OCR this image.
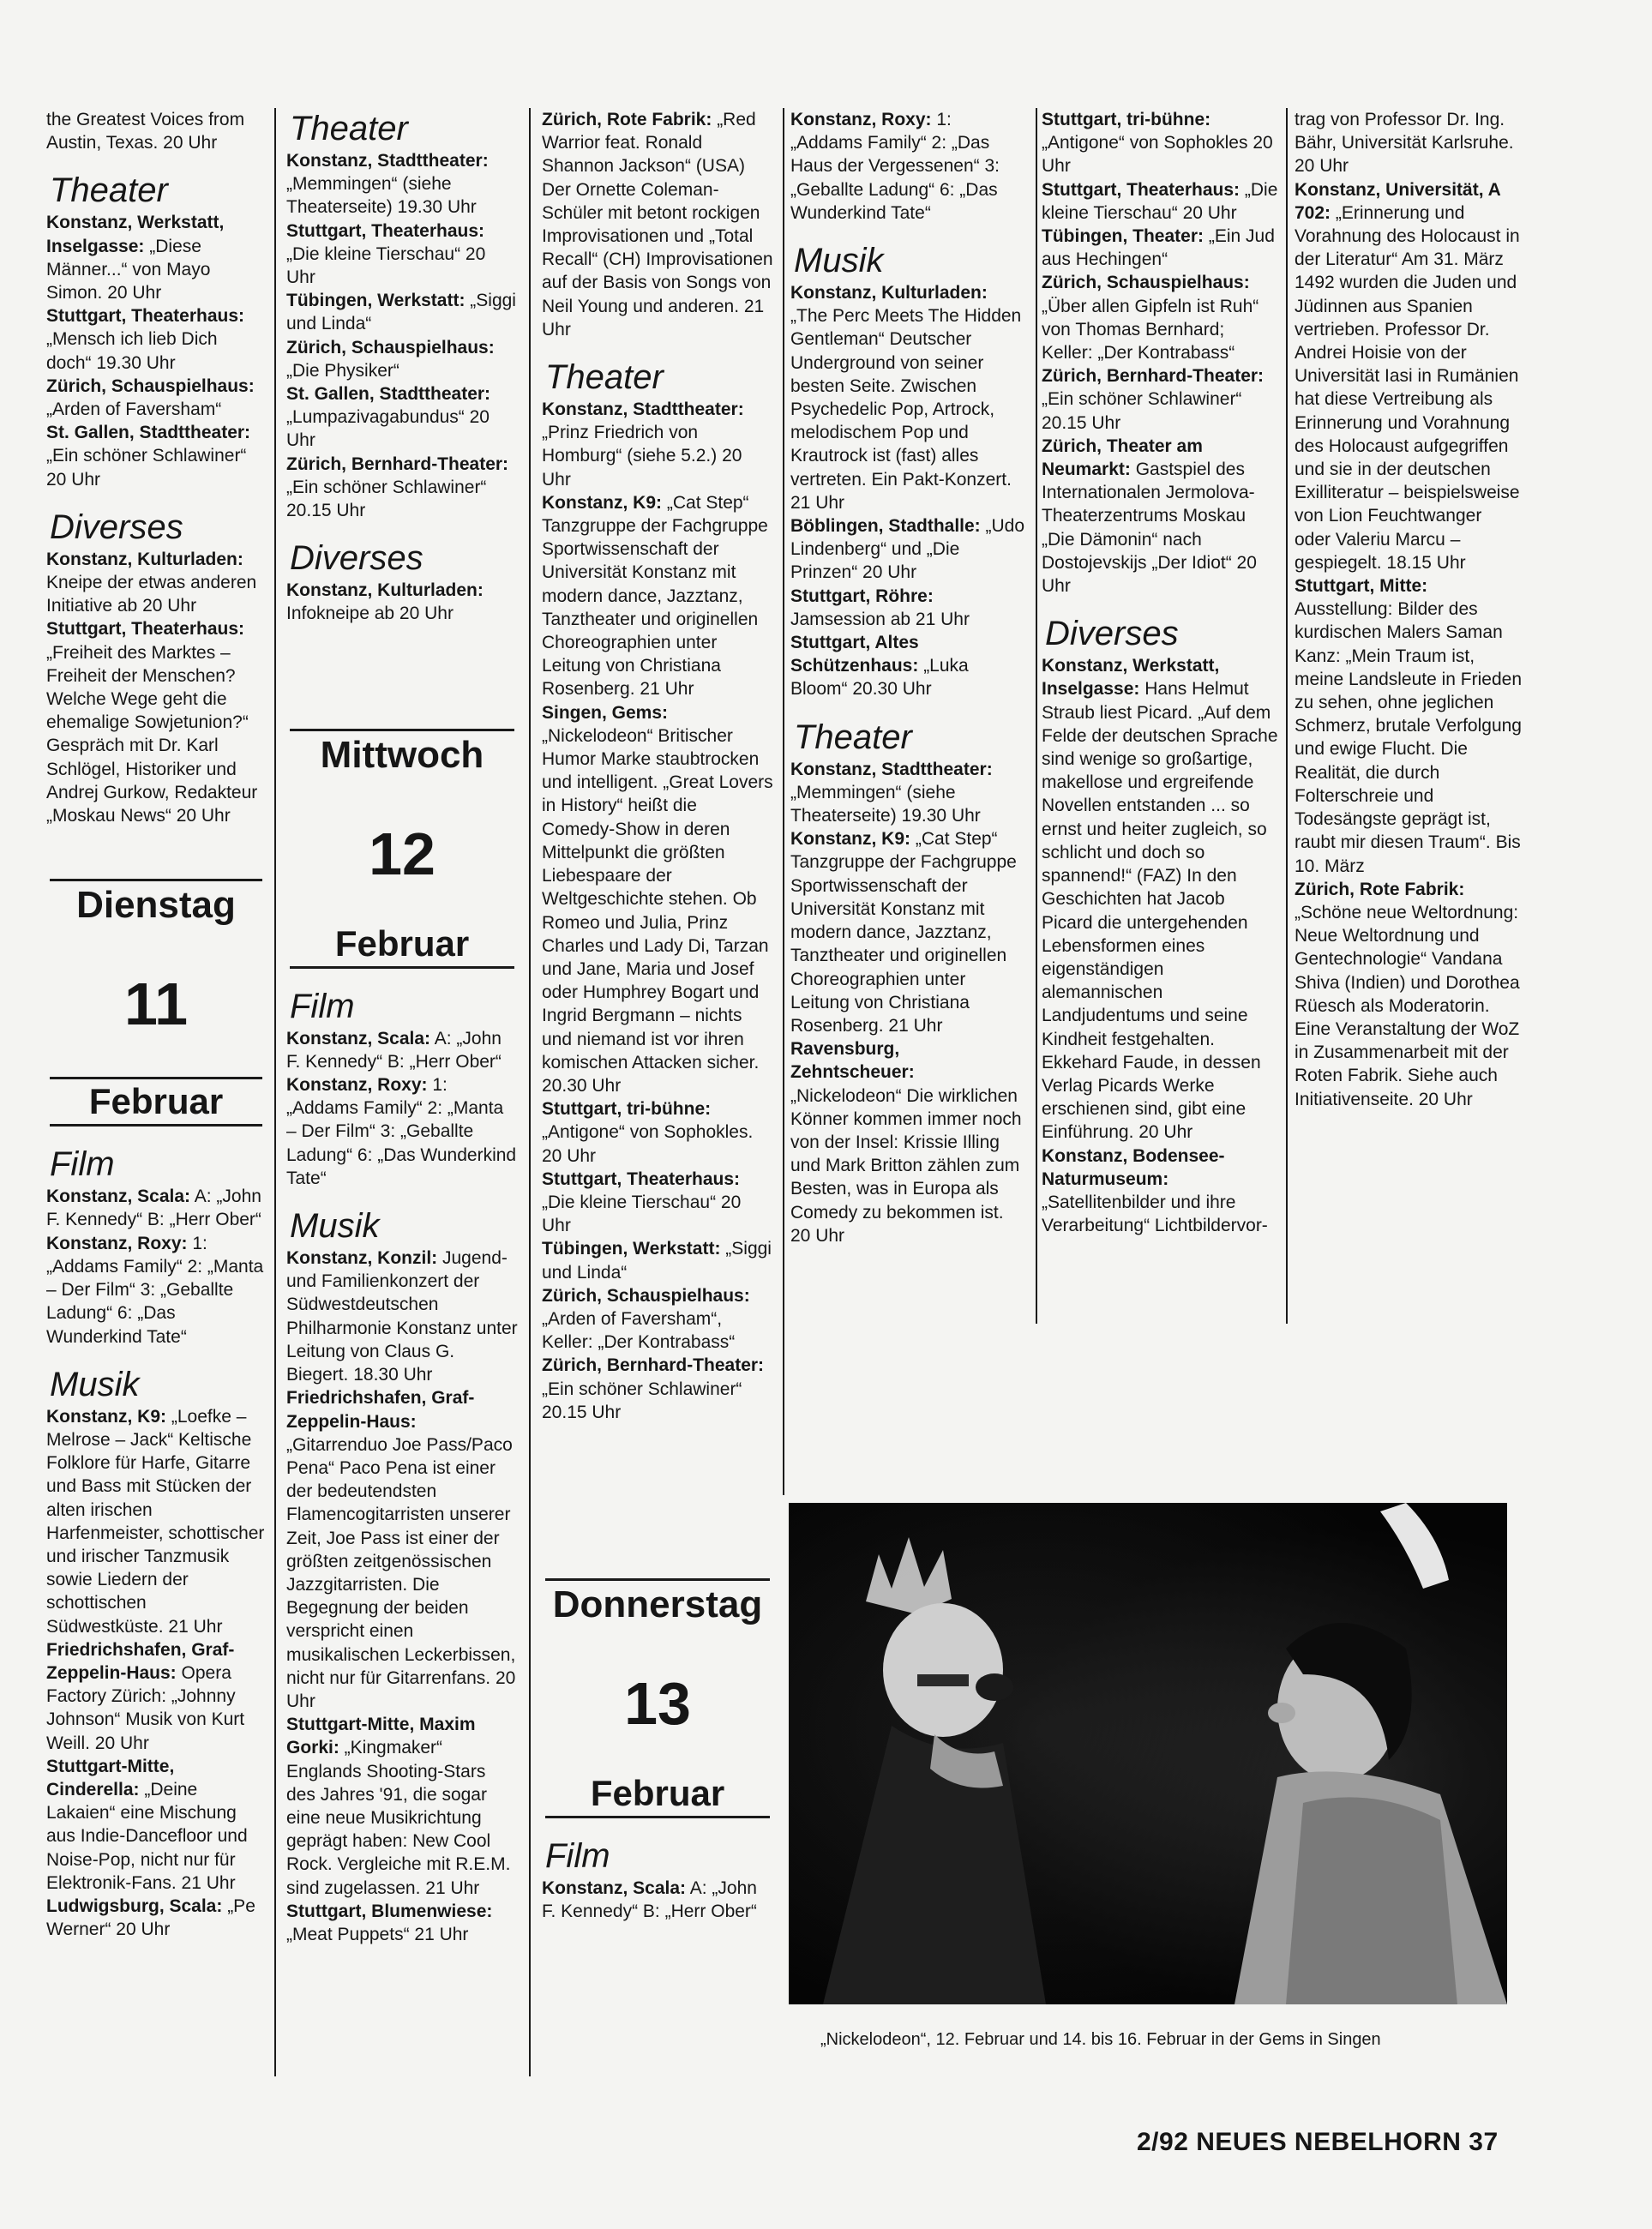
the Greatest Voices from Austin, Texas. 20 Uhr

Theater

Konstanz, Werkstatt, Inselgasse: „Diese Männer...“ von Mayo Simon. 20 Uhr

Stuttgart, Theaterhaus: „Mensch ich lieb Dich doch“ 19.30 Uhr

Zürich, Schauspielhaus: „Arden of Faversham“

St. Gallen, Stadttheater: „Ein schöner Schlawiner“ 20 Uhr

Diverses

Konstanz, Kulturladen: Kneipe der etwas anderen Initiative ab 20 Uhr

Stuttgart, Theaterhaus: „Freiheit des Marktes – Freiheit der Menschen? Welche Wege geht die ehemalige Sowjetunion?“ Gespräch mit Dr. Karl Schlögel, Historiker und Andrej Gurkow, Redakteur „Moskau News“ 20 Uhr

Dienstag
11
Februar
Film

Konstanz, Scala: A: „John F. Kennedy“ B: „Herr Ober“

Konstanz, Roxy: 1: „Addams Family“ 2: „Manta – Der Film“ 3: „Geballte Ladung“ 6: „Das Wunderkind Tate“

Musik

Konstanz, K9: „Loefke – Melrose – Jack“ Keltische Folklore für Harfe, Gitarre und Bass mit Stücken der alten irischen Harfenmeister, schottischer und irischer Tanzmusik sowie Liedern der schottischen Südwestküste. 21 Uhr

Friedrichshafen, Graf-Zeppelin-Haus: Opera Factory Zürich: „Johnny Johnson“ Musik von Kurt Weill. 20 Uhr

Stuttgart-Mitte, Cinderella: „Deine Lakaien“ eine Mischung aus Indie-Dancefloor und Noise-Pop, nicht nur für Elektronik-Fans. 21 Uhr

Ludwigsburg, Scala: „Pe Werner“ 20 Uhr

Theater

Konstanz, Stadttheater: „Memmingen“ (siehe Theaterseite) 19.30 Uhr

Stuttgart, Theaterhaus: „Die kleine Tierschau“ 20 Uhr

Tübingen, Werkstatt: „Siggi und Linda“

Zürich, Schauspielhaus: „Die Physiker“

St. Gallen, Stadttheater: „Lumpazivagabundus“ 20 Uhr

Zürich, Bernhard-Theater: „Ein schöner Schlawiner“ 20.15 Uhr

Diverses

Konstanz, Kulturladen: Infokneipe ab 20 Uhr

Mittwoch
12
Februar
Film

Konstanz, Scala: A: „John F. Kennedy“ B: „Herr Ober“

Konstanz, Roxy: 1: „Addams Family“ 2: „Manta – Der Film“ 3: „Geballte Ladung“ 6: „Das Wunderkind Tate“

Musik

Konstanz, Konzil: Jugend- und Familienkonzert der Südwestdeutschen Philharmonie Konstanz unter Leitung von Claus G. Biegert. 18.30 Uhr

Friedrichshafen, Graf-Zeppelin-Haus: „Gitarrenduo Joe Pass/Paco Pena“ Paco Pena ist einer der bedeutendsten Flamencogitarristen unserer Zeit, Joe Pass ist einer der größten zeitgenössischen Jazzgitarristen. Die Begegnung der beiden verspricht einen musikalischen Leckerbissen, nicht nur für Gitarrenfans. 20 Uhr

Stuttgart-Mitte, Maxim Gorki: „Kingmaker“ Englands Shooting-Stars des Jahres '91, die sogar eine neue Musikrichtung geprägt haben: New Cool Rock. Vergleiche mit R.E.M. sind zugelassen. 21 Uhr

Stuttgart, Blumenwiese: „Meat Puppets“ 21 Uhr

Zürich, Rote Fabrik: „Red Warrior feat. Ronald Shannon Jackson“ (USA) Der Ornette Coleman-Schüler mit betont rockigen Improvisationen und „Total Recall“ (CH) Improvisationen auf der Basis von Songs von Neil Young und anderen. 21 Uhr

Theater

Konstanz, Stadttheater: „Prinz Friedrich von Homburg“ (siehe 5.2.) 20 Uhr

Konstanz, K9: „Cat Step“ Tanzgruppe der Fachgruppe Sportwissenschaft der Universität Konstanz mit modern dance, Jazztanz, Tanztheater und originellen Choreographien unter Leitung von Christiana Rosenberg. 21 Uhr

Singen, Gems: „Nickelodeon“ Britischer Humor Marke staubtrocken und intelligent. „Great Lovers in History“ heißt die Comedy-Show in deren Mittelpunkt die größten Liebespaare der Weltgeschichte stehen. Ob Romeo und Julia, Prinz Charles und Lady Di, Tarzan und Jane, Maria und Josef oder Humphrey Bogart und Ingrid Bergmann – nichts und niemand ist vor ihren komischen Attacken sicher. 20.30 Uhr

Stuttgart, tri-bühne: „Antigone“ von Sophokles. 20 Uhr

Stuttgart, Theaterhaus: „Die kleine Tierschau“ 20 Uhr

Tübingen, Werkstatt: „Siggi und Linda“

Zürich, Schauspielhaus: „Arden of Faversham“, Keller: „Der Kontrabass“

Zürich, Bernhard-Theater: „Ein schöner Schlawiner“ 20.15 Uhr

Donnerstag
13
Februar
Film

Konstanz, Scala: A: „John F. Kennedy“ B: „Herr Ober“

Konstanz, Roxy: 1: „Addams Family“ 2: „Das Haus der Vergessenen“ 3: „Geballte Ladung“ 6: „Das Wunderkind Tate“

Musik

Konstanz, Kulturladen: „The Perc Meets The Hidden Gentleman“ Deutscher Underground von seiner besten Seite. Zwischen Psychedelic Pop, Artrock, melodischem Pop und Krautrock ist (fast) alles vertreten. Ein Pakt-Konzert. 21 Uhr

Böblingen, Stadthalle: „Udo Lindenberg“ und „Die Prinzen“ 20 Uhr

Stuttgart, Röhre: Jamsession ab 21 Uhr

Stuttgart, Altes Schützenhaus: „Luka Bloom“ 20.30 Uhr

Theater

Konstanz, Stadttheater: „Memmingen“ (siehe Theaterseite) 19.30 Uhr

Konstanz, K9: „Cat Step“ Tanzgruppe der Fachgruppe Sportwissenschaft der Universität Konstanz mit modern dance, Jazztanz, Tanztheater und originellen Choreographien unter Leitung von Christiana Rosenberg. 21 Uhr

Ravensburg, Zehntscheuer: „Nickelodeon“ Die wirklichen Könner kommen immer noch von der Insel: Krissie Illing und Mark Britton zählen zum Besten, was in Europa als Comedy zu bekommen ist. 20 Uhr

Stuttgart, tri-bühne: „Antigone“ von Sophokles 20 Uhr

Stuttgart, Theaterhaus: „Die kleine Tierschau“ 20 Uhr

Tübingen, Theater: „Ein Jud aus Hechingen“

Zürich, Schauspielhaus: „Über allen Gipfeln ist Ruh“ von Thomas Bernhard; Keller: „Der Kontrabass“

Zürich, Bernhard-Theater: „Ein schöner Schlawiner“ 20.15 Uhr

Zürich, Theater am Neumarkt: Gastspiel des Internationalen Jermolova-Theaterzentrums Moskau „Die Dämonin“ nach Dostojevskijs „Der Idiot“ 20 Uhr

Diverses

Konstanz, Werkstatt, Inselgasse: Hans Helmut Straub liest Picard. „Auf dem Felde der deutschen Sprache sind wenige so großartige, makellose und ergreifende Novellen entstanden ... so ernst und heiter zugleich, so schlicht und doch so spannend!“ (FAZ) In den Geschichten hat Jacob Picard die untergehenden Lebensformen eines eigenständigen alemannischen Landjudentums und seine Kindheit festgehalten. Ekkehard Faude, in dessen Verlag Picards Werke erschienen sind, gibt eine Einführung. 20 Uhr

Konstanz, Bodensee-Naturmuseum: „Satellitenbilder und ihre Verarbeitung“ Lichtbildervor-

trag von Professor Dr. Ing. Bähr, Universität Karlsruhe. 20 Uhr

Konstanz, Universität, A 702: „Erinnerung und Vorahnung des Holocaust in der Literatur“ Am 31. März 1492 wurden die Juden und Jüdinnen aus Spanien vertrieben. Professor Dr. Andrei Hoisie von der Universität Iasi in Rumänien hat diese Vertreibung als Erinnerung und Vorahnung des Holocaust aufgegriffen und sie in der deutschen Exilliteratur – beispielsweise von Lion Feuchtwanger oder Valeriu Marcu – gespiegelt. 18.15 Uhr

Stuttgart, Mitte: Ausstellung: Bilder des kurdischen Malers Saman Kanz: „Mein Traum ist, meine Landsleute in Frieden zu sehen, ohne jeglichen Schmerz, brutale Verfolgung und ewige Flucht. Die Realität, die durch Folterschreie und Todesängste geprägt ist, raubt mir diesen Traum“. Bis 10. März

Zürich, Rote Fabrik: „Schöne neue Weltordnung: Neue Weltordnung und Gentechnologie“ Vandana Shiva (Indien) und Dorothea Rüesch als Moderatorin. Eine Veranstaltung der WoZ in Zusammenarbeit mit der Roten Fabrik. Siehe auch Initiativenseite. 20 Uhr

„Nickelodeon“, 12. Februar und 14. bis 16. Februar in der Gems in Singen
2/92 NEUES NEBELHORN 37
